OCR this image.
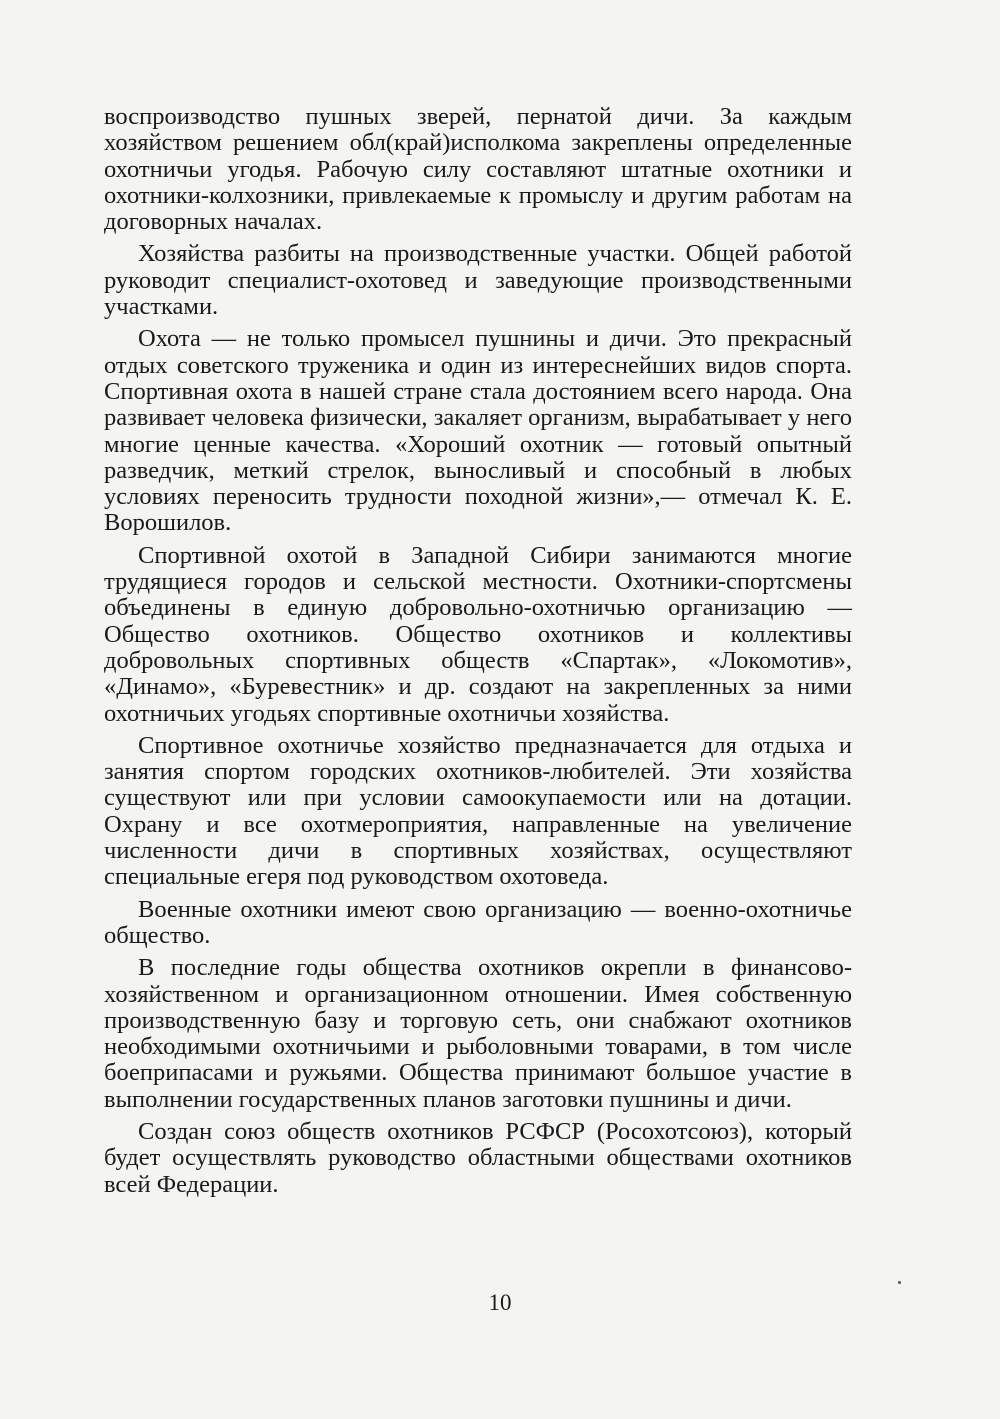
воспроизводство пушных зверей, пернатой дичи. За каждым хозяйством решением обл(край)исполкома закреплены определенные охотничьи угодья. Рабочую силу составляют штатные охотники и охотники-колхозники, привлекаемые к промыслу и другим работам на договорных началах.

Хозяйства разбиты на производственные участки. Общей работой руководит специалист-охотовед и заведующие производственными участками.

Охота — не только промысел пушнины и дичи. Это прекрасный отдых советского труженика и один из интереснейших видов спорта. Спортивная охота в нашей стране стала достоянием всего народа. Она развивает человека физически, закаляет организм, вырабатывает у него многие ценные качества. «Хороший охотник — готовый опытный разведчик, меткий стрелок, выносливый и способный в любых условиях переносить трудности походной жизни»,— отмечал К. Е. Ворошилов.

Спортивной охотой в Западной Сибири занимаются многие трудящиеся городов и сельской местности. Охотники-спортсмены объединены в единую добровольно-охотничью организацию — Общество охотников. Общество охотников и коллективы добровольных спортивных обществ «Спартак», «Локомотив», «Динамо», «Буревестник» и др. создают на закрепленных за ними охотничьих угодьях спортивные охотничьи хозяйства.

Спортивное охотничье хозяйство предназначается для отдыха и занятия спортом городских охотников-любителей. Эти хозяйства существуют или при условии самоокупаемости или на дотации. Охрану и все охотмероприятия, направленные на увеличение численности дичи в спортивных хозяйствах, осуществляют специальные егеря под руководством охотоведа.

Военные охотники имеют свою организацию — военно-охотничье общество.

В последние годы общества охотников окрепли в финансово-хозяйственном и организационном отношении. Имея собственную производственную базу и торговую сеть, они снабжают охотников необходимыми охотничьими и рыболовными товарами, в том числе боеприпасами и ружьями. Общества принимают большое участие в выполнении государственных планов заготовки пушнины и дичи.

Создан союз обществ охотников РСФСР (Росохотсоюз), который будет осуществлять руководство областными обществами охотников всей Федерации.

10
